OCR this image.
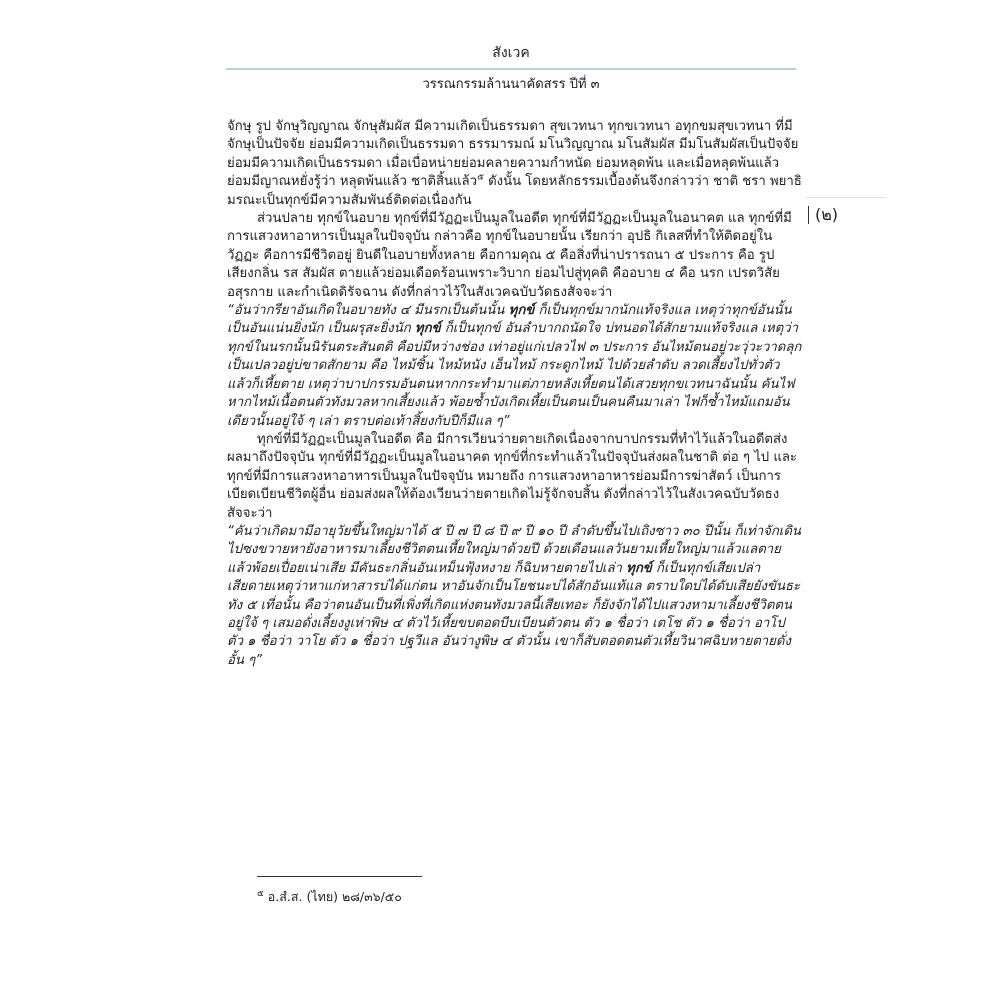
สังเวค
วรรณกรรมล้านนาคัดสรร ปีที่ ๓
(๒)

จักษุ รูป จักษุวิญญาณ จักษุสัมผัส มีความเกิดเป็นธรรมดา สุขเวทนา ทุกขเวทนา อทุกขมสุขเวทนา ที่มีจักษุเป็นปัจจัย ย่อมมีความเกิดเป็นธรรมดา ธรรมารมณ์ มโนวิญญาณ มโนสัมผัส มีมโนสัมผัสเป็นปัจจัย ย่อมมีความเกิดเป็นธรรมดา เมื่อเบื่อหน่ายย่อมคลายความกำหนัด ย่อมหลุดพ้น และเมื่อหลุดพ้นแล้ว ย่อมมีญาณหยั่งรู้ว่า หลุดพ้นแล้ว ชาติสิ้นแล้ว$^๕$ ดังนั้น โดยหลักธรรมเบื้องต้นจึงกล่าวว่า ชาติ ชรา พยาธิ มรณะเป็นทุกข์มีความสัมพันธ์ติดต่อเนื่องกัน

ส่วนปลาย ทุกข์ในอบาย ทุกข์ที่มีวัฏฏะเป็นมูลในอดีต ทุกข์ที่มีวัฏฏะเป็นมูลในอนาคต แล ทุกข์ที่มีการแสวงหาอาหารเป็นมูลในปัจจุบัน กล่าวคือ ทุกข์ในอบายนั้น เรียกว่า อุปธิ กิเลสที่ทำให้ติดอยู่ในวัฏฏะ คือการมีชีวิตอยู่ ยินดีในอบายทั้งหลาย คือกามคุณ ๕ คือสิ่งที่น่าปรารถนา ๕ ประการ คือ รูป เสียงกลิ่น รส สัมผัส ตายแล้วย่อมเดือดร้อนเพราะวิบาก ย่อมไปสู่ทุคติ คืออบาย ๔ คือ นรก เปรตวิสัย อสุรกาย และกำเนิดดิรัจฉาน ดังที่กล่าวไว้ในสังเวคฉบับวัดธงสัจจะว่า

“อันว่ากรียาอันเกิดในอบายทัง ๔ มีนรกเป็นต้นนั้น ทุกข์ ก็เป็นทุกข์มากนักแท้จริงแล เหตุว่าทุกข์อันนั้นเป็นอันแน่นยิ่งนัก เป็นผรุสะยิ่งนัก ทุกข์ ก็เป็นทุกข์ อันลำบากถนัดใจ บ่ทนอดได้สักยามแท้จริงแล เหตุว่าทุกข์ในนรกนั้นนิรันตระสันตติ คือบ่มีหว่างช่อง เท่าอยู่แก่เปลวไฟ ๓ ประการ อันไหม้ตนอยู่วะวุ่วะวาดลุกเป็นเปลวอยู่บ่ขาดสักยาม คือ ไหม้ซิ้น ไหม้หนัง เอ็นไหม้ กระดูกไหม้ ไปด้วยลำดับ ลวดเสี้ยงไปทั่วตัวแล้วก็เหี้ยตาย เหตุว่าบาปกรรมอันตนหากกระทำมาแต่ภายหลังเหี้ยตนได้เสวยทุกขเวทนาฉันนั้น คันไฟหากไหม้เนื้อตนตัวทังมวลหากเสี้ยงแล้ว พ้อยซ้ำบังเกิดเหี้ยเป็นตนเป็นคนคืนมาเล่า ไฟก็ซ้ำไหม้แถมอันเดียวนั้นอยู่ใจ้ ๆ เล่า ตราบต่อเท้าสิ้ยงกับปีก็มีแล ๆ”

ทุกข์ที่มีวัฏฏะเป็นมูลในอดีต คือ มีการเวียนว่ายตายเกิดเนื่องจากบาปกรรมที่ทำไว้แล้วในอดีตส่งผลมาถึงปัจจุบัน ทุกข์ที่มีวัฏฏะเป็นมูลในอนาคต ทุกข์ที่กระทำแล้วในปัจจุบันส่งผลในชาติ ต่อ ๆ ไป และทุกข์ที่มีการแสวงหาอาหารเป็นมูลในปัจจุบัน หมายถึง การแสวงหาอาหารย่อมมีการฆ่าสัตว์ เป็นการเบียดเบียนชีวิตผู้อื่น ย่อมส่งผลให้ต้องเวียนว่ายตายเกิดไม่รู้จักจบสิ้น ดังที่กล่าวไว้ในสังเวคฉบับวัดธงสัจจะว่า

“คันว่าเกิดมามีอายุวัยขึ้นใหญ่มาได้ ๕ ปี ๗ ปี ๘ ปี ๙ ปี ๑๐ ปี ลำดับขึ้นไปเถิงซาว ๓๐ ปีนั้น ก็เท่าจักเดินไปซงขวายหายังอาหารมาเลี้ยงชีวิตตนเหี้ยใหญ่มาด้วยปี ด้วยเดือนแลวันยามเหี้ยใหญ่มาแล้วแลตายแล้วพ้อยเปื่อยเน่าเสีย มีคันธะกลิ่นอันเหม็นฟุ้งหงาย ก็ฉิบหายตายไปเล่า ทุกข์ ก็เป็นทุกข์เสียเปล่าเสียดายเหตุว่าหาแก่หาสารบ่ได้แก่ตน หาอันจักเป็นโยชนะบ่ได้สักอันแท้แล ตราบใดบ่ได้ดับเสียยังขันธะทัง ๕ เที่อนั้น คือว่าตนอันเป็นที่เพิ่งที่เกิดแห่งตนทังมวลนี้เสียเทอะ ก็ยังจักได้ไปแสวงหามาเลี้ยงชีวิตตนอยู่ใจ้ ๆ เสมอดั่งเลี้ยงงูเห่าพิษ ๔ ตัวไว้เหี้ยขบตอดบีบเบียนตัวตน ตัว ๑ ชื่อว่า เตโช ตัว ๑ ชื่อว่า อาโป ตัว ๑ ชื่อว่า วาโย ตัว ๑ ชื่อว่า ปฐวีแล อันว่างูพิษ ๔ ตัวนั้น เขาก็สับตอดตนตัวเหี้ยวินาศฉิบหายตายดั่งอั้น ๆ”

$^๕$ อ.สํ.ส. (ไทย) ๒๘/๓๖/๕๐
